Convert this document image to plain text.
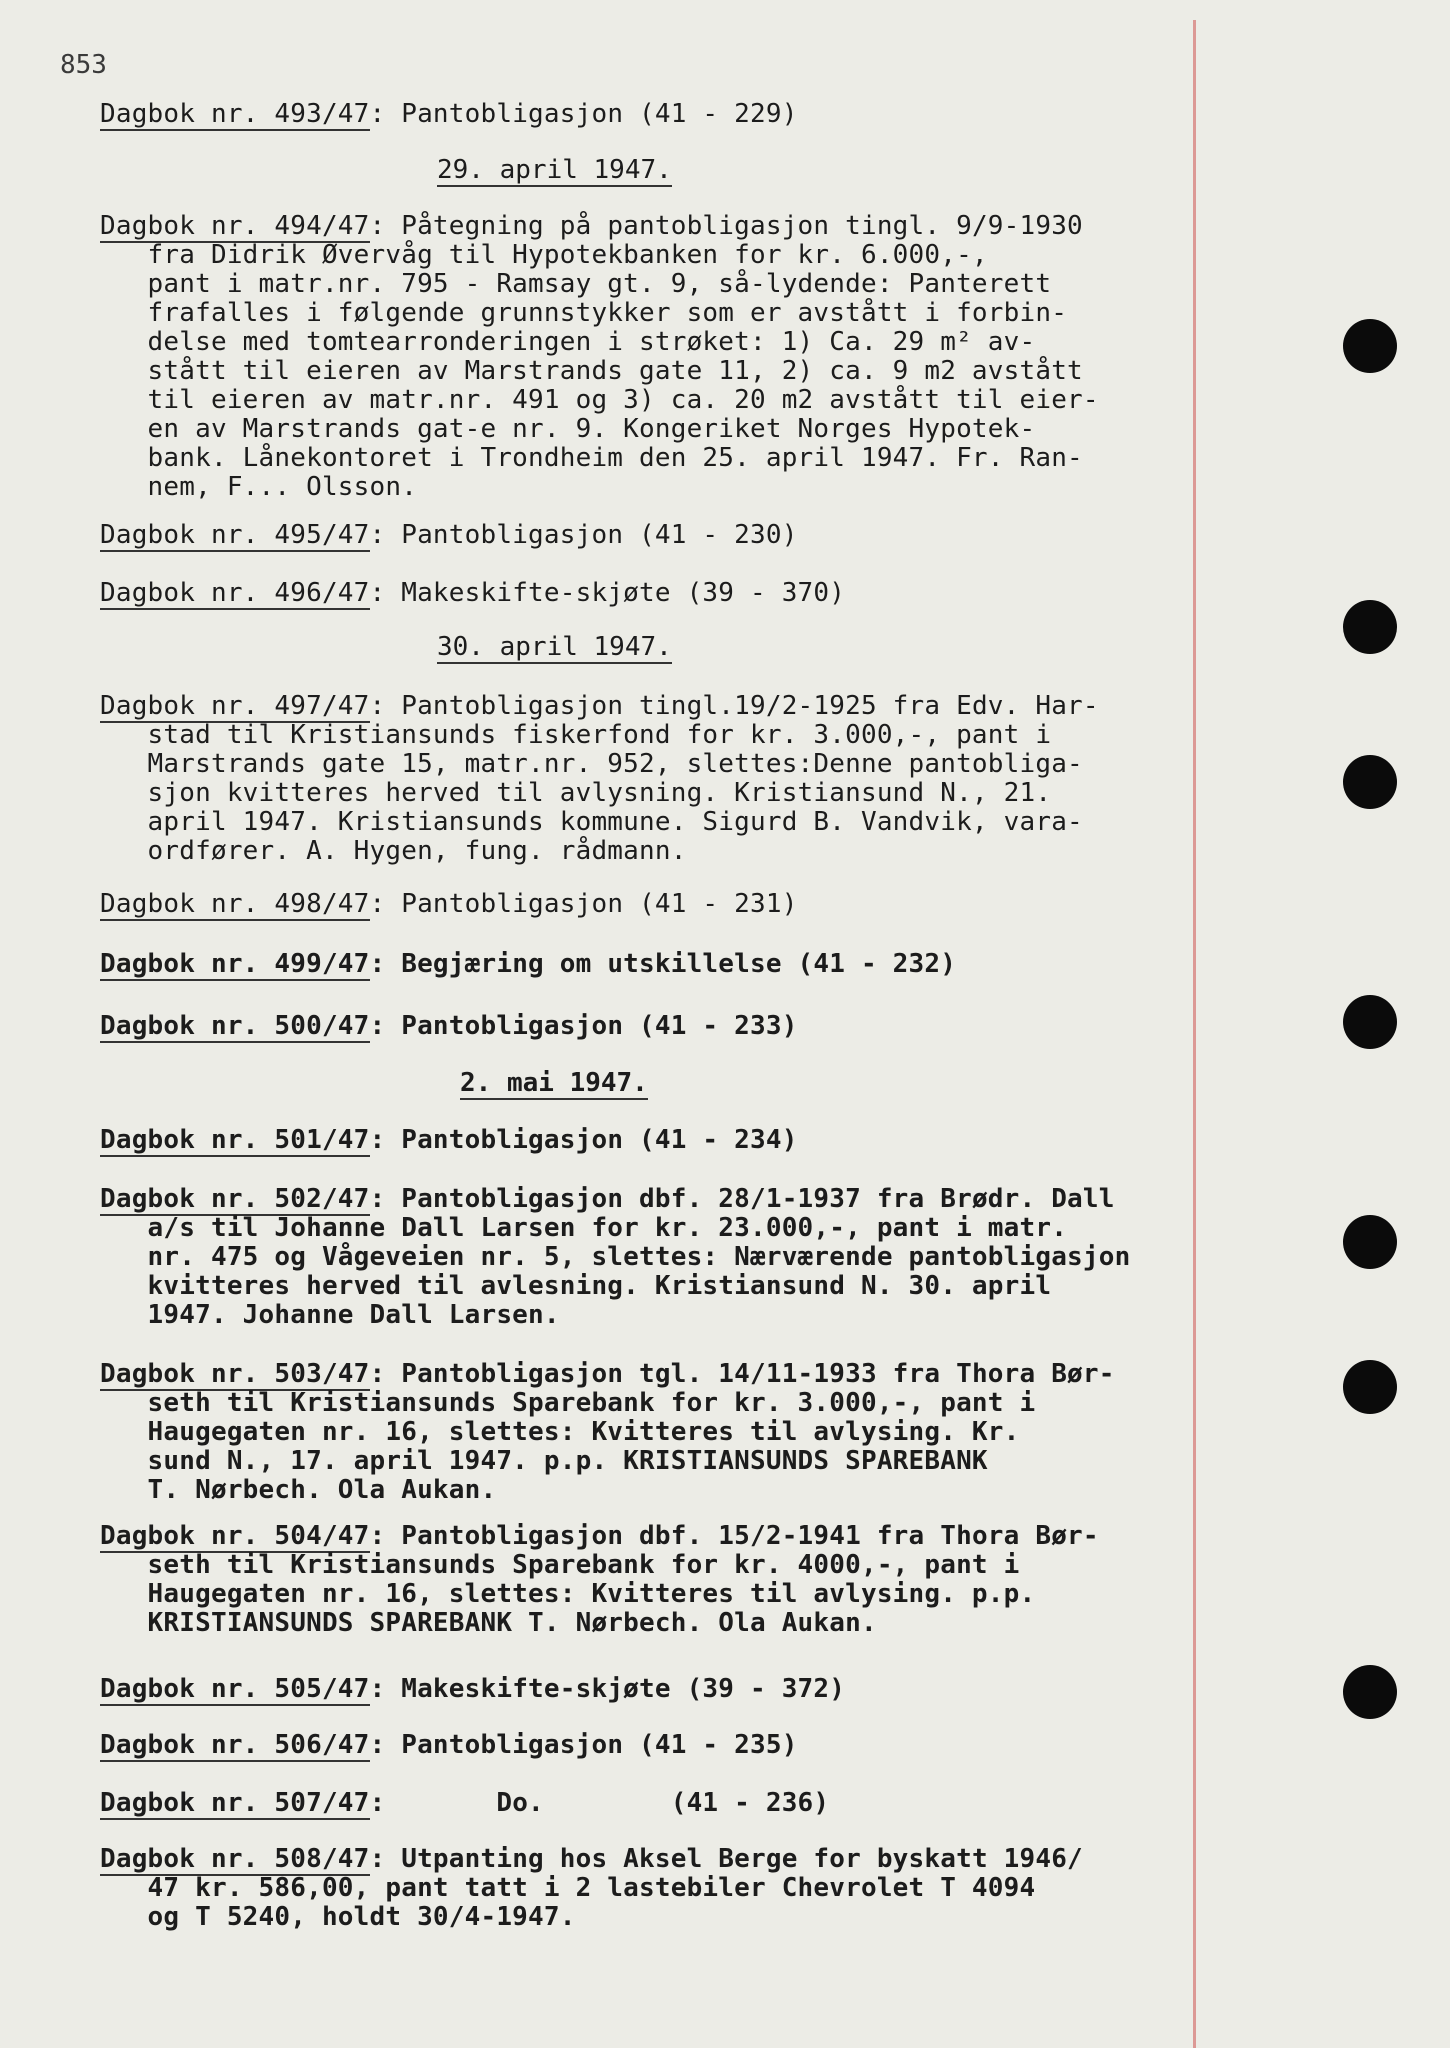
853
Dagbok nr. 493/47: Pantobligasjon (41 - 229)
29. april 1947.
Dagbok nr. 494/47: Påtegning på pantobligasjon tingl. 9/9-1930
fra Didrik Øvervåg til Hypotekbanken for kr. 6.000,-,
pant i matr.nr. 795 - Ramsay gt. 9, så-lydende: Panterett
frafalles i følgende grunnstykker som er avstått i forbin-
delse med tomtearronderingen i strøket: 1) Ca. 29 m² av-
stått til eieren av Marstrands gate 11, 2) ca. 9 m2 avstått
til eieren av matr.nr. 491 og 3) ca. 20 m2 avstått til eier-
en av Marstrands gat-e nr. 9. Kongeriket Norges Hypotek-
bank. Lånekontoret i Trondheim den 25. april 1947. Fr. Ran-
nem, F... Olsson.
Dagbok nr. 495/47: Pantobligasjon (41 - 230)
Dagbok nr. 496/47: Makeskifte-skjøte (39 - 370)
30. april 1947.
Dagbok nr. 497/47: Pantobligasjon tingl.19/2-1925 fra Edv. Har-
stad til Kristiansunds fiskerfond for kr. 3.000,-, pant i
Marstrands gate 15, matr.nr. 952, slettes:Denne pantobliga-
sjon kvitteres herved til avlysning. Kristiansund N., 21.
april 1947. Kristiansunds kommune. Sigurd B. Vandvik, vara-
ordfører. A. Hygen, fung. rådmann.
Dagbok nr. 498/47: Pantobligasjon (41 - 231)
Dagbok nr. 499/47: Begjæring om utskillelse (41 - 232)
Dagbok nr. 500/47: Pantobligasjon (41 - 233)
2. mai 1947.
Dagbok nr. 501/47: Pantobligasjon (41 - 234)
Dagbok nr. 502/47: Pantobligasjon dbf. 28/1-1937 fra Brødr. Dall
a/s til Johanne Dall Larsen for kr. 23.000,-, pant i matr.
nr. 475 og Vågeveien nr. 5, slettes: Nærværende pantobligasjon
kvitteres herved til avlesning. Kristiansund N. 30. april
1947. Johanne Dall Larsen.
Dagbok nr. 503/47: Pantobligasjon tgl. 14/11-1933 fra Thora Bør-
seth til Kristiansunds Sparebank for kr. 3.000,-, pant i
Haugegaten nr. 16, slettes: Kvitteres til avlysing. Kr.
sund N., 17. april 1947. p.p. KRISTIANSUNDS SPAREBANK
T. Nørbech. Ola Aukan.
Dagbok nr. 504/47: Pantobligasjon dbf. 15/2-1941 fra Thora Bør-
seth til Kristiansunds Sparebank for kr. 4000,-, pant i
Haugegaten nr. 16, slettes: Kvitteres til avlysing. p.p.
KRISTIANSUNDS SPAREBANK T. Nørbech. Ola Aukan.
Dagbok nr. 505/47: Makeskifte-skjøte (39 - 372)
Dagbok nr. 506/47: Pantobligasjon (41 - 235)
Dagbok nr. 507/47:       Do.        (41 - 236)
Dagbok nr. 508/47: Utpanting hos Aksel Berge for byskatt 1946/
47 kr. 586,00, pant tatt i 2 lastebiler Chevrolet T 4094
og T 5240, holdt 30/4-1947.
